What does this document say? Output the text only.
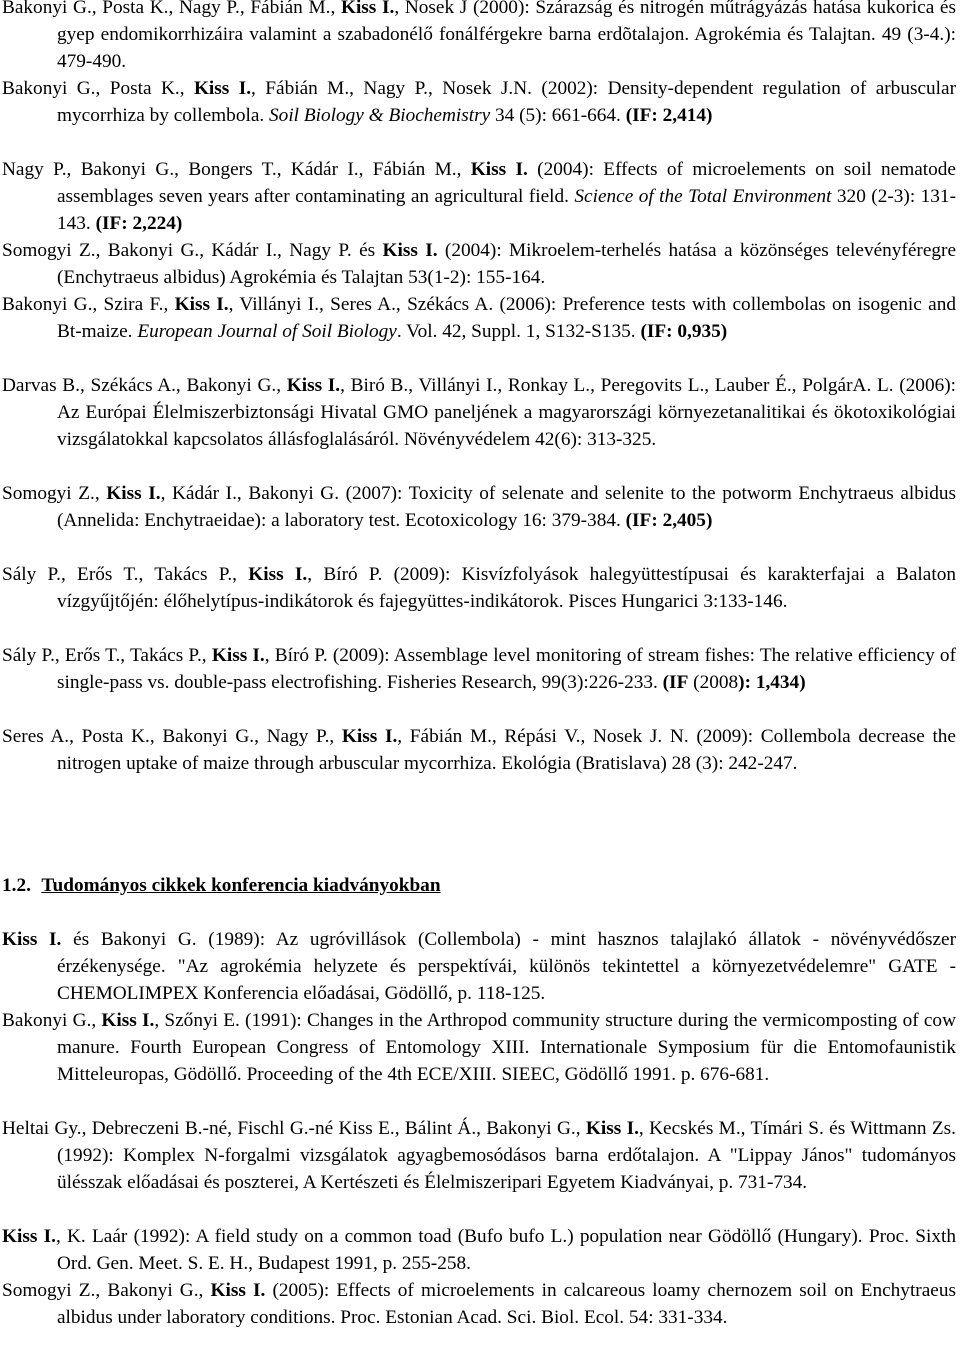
Bakonyi G., Posta K., Nagy P., Fábián M., Kiss I., Nosek J (2000): Szárazság és nitrogén műtrágyázás hatása kukorica és gyep endomikorrhizáira valamint a szabadonélő fonálférgekre barna erdõtalajon. Agrokémia és Talajtan. 49 (3-4.): 479-490.

Bakonyi G., Posta K., Kiss I., Fábián M., Nagy P., Nosek J.N. (2002): Density-dependent regulation of arbuscular mycorrhiza by collembola. Soil Biology & Biochemistry 34 (5): 661-664. (IF: 2,414)

Nagy P., Bakonyi G., Bongers T., Kádár I., Fábián M., Kiss I. (2004): Effects of microelements on soil nematode assemblages seven years after contaminating an agricultural field. Science of the Total Environment 320 (2-3): 131-143. (IF: 2,224)

Somogyi Z., Bakonyi G., Kádár I., Nagy P. és Kiss I. (2004): Mikroelem-terhelés hatása a közönséges televényféregre (Enchytraeus albidus) Agrokémia és Talajtan 53(1-2): 155-164.

Bakonyi G., Szira F., Kiss I., Villányi I., Seres A., Székács A. (2006): Preference tests with collembolas on isogenic and Bt-maize. European Journal of Soil Biology. Vol. 42, Suppl. 1, S132-S135. (IF: 0,935)

Darvas B., Székács A., Bakonyi G., Kiss I., Biró B., Villányi I., Ronkay L., Peregovits L., Lauber É., PolgárA. L. (2006): Az Európai Élelmiszerbiztonsági Hivatal GMO paneljének a magyarországi környezetanalitikai és ökotoxikológiai vizsgálatokkal kapcsolatos állásfoglalásáról. Növényvédelem 42(6): 313-325.

Somogyi Z., Kiss I., Kádár I., Bakonyi G. (2007): Toxicity of selenate and selenite to the potworm Enchytraeus albidus (Annelida: Enchytraeidae): a laboratory test. Ecotoxicology 16: 379-384. (IF: 2,405)

Sály P., Erős T., Takács P., Kiss I., Bíró P. (2009): Kisvízfolyások halegyüttestípusai és karakterfajai a Balaton vízgyűjtőjén: élőhelytípus-indikátorok és fajegyüttes-indikátorok. Pisces Hungarici 3:133-146.

Sály P., Erős T., Takács P., Kiss I., Bíró P. (2009): Assemblage level monitoring of stream fishes: The relative efficiency of single-pass vs. double-pass electrofishing. Fisheries Research, 99(3):226-233. (IF (2008): 1,434)

Seres A., Posta K., Bakonyi G., Nagy P., Kiss I., Fábián M., Répási V., Nosek J. N. (2009): Collembola decrease the nitrogen uptake of maize through arbuscular mycorrhiza. Ekológia (Bratislava) 28 (3): 242-247.

1.2. Tudományos cikkek konferencia kiadványokban

Kiss I. és Bakonyi G. (1989): Az ugróvillások (Collembola) - mint hasznos talajlakó állatok - növényvédőszer érzékenysége. "Az agrokémia helyzete és perspektívái, különös tekintettel a környezetvédelemre" GATE - CHEMOLIMPEX Konferencia előadásai, Gödöllő, p. 118-125.

Bakonyi G., Kiss I., Szőnyi E. (1991): Changes in the Arthropod community structure during the vermicomposting of cow manure. Fourth European Congress of Entomology XIII. Internationale Symposium für die Entomofaunistik Mitteleuropas, Gödöllő. Proceeding of the 4th ECE/XIII. SIEEC, Gödöllő 1991. p. 676-681.

Heltai Gy., Debreczeni B.-né, Fischl G.-né Kiss E., Bálint Á., Bakonyi G., Kiss I., Kecskés M., Tímári S. és Wittmann Zs. (1992): Komplex N-forgalmi vizsgálatok agyagbemosódásos barna erdőtalajon. A "Lippay János" tudományos ülésszak előadásai és poszterei, A Kertészeti és Élelmiszeripari Egyetem Kiadványai, p. 731-734.

Kiss I., K. Laár (1992): A field study on a common toad (Bufo bufo L.) population near Gödöllő (Hungary). Proc. Sixth Ord. Gen. Meet. S. E. H., Budapest 1991, p. 255-258.

Somogyi Z., Bakonyi G., Kiss I. (2005): Effects of microelements in calcareous loamy chernozem soil on Enchytraeus albidus under laboratory conditions. Proc. Estonian Acad. Sci. Biol. Ecol. 54: 331-334.
